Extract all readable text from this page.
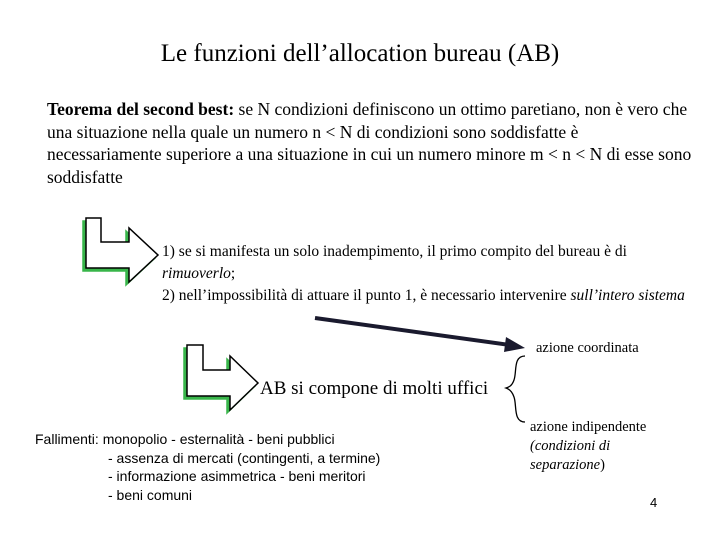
Le funzioni dell’allocation bureau (AB)
Teorema del second best: se N condizioni definiscono un ottimo paretiano, non è vero che una situazione nella quale un numero n < N di condizioni sono soddisfatte è necessariamente superiore a una situazione in cui un numero minore m < n < N di esse sono soddisfatte
1) se si manifesta un solo inadempimento, il primo compito del bureau è di rimuoverlo;
2) nell’impossibilità di attuare il punto 1, è necessario intervenire sull’intero sistema
azione coordinata
AB si compone di molti uffici
Fallimenti: monopolio - esternalità - beni pubblici
- assenza di mercati (contingenti, a termine)
- informazione asimmetrica - beni meritori
- beni comuni
azione indipendente
(condizioni di
separazione)
4
